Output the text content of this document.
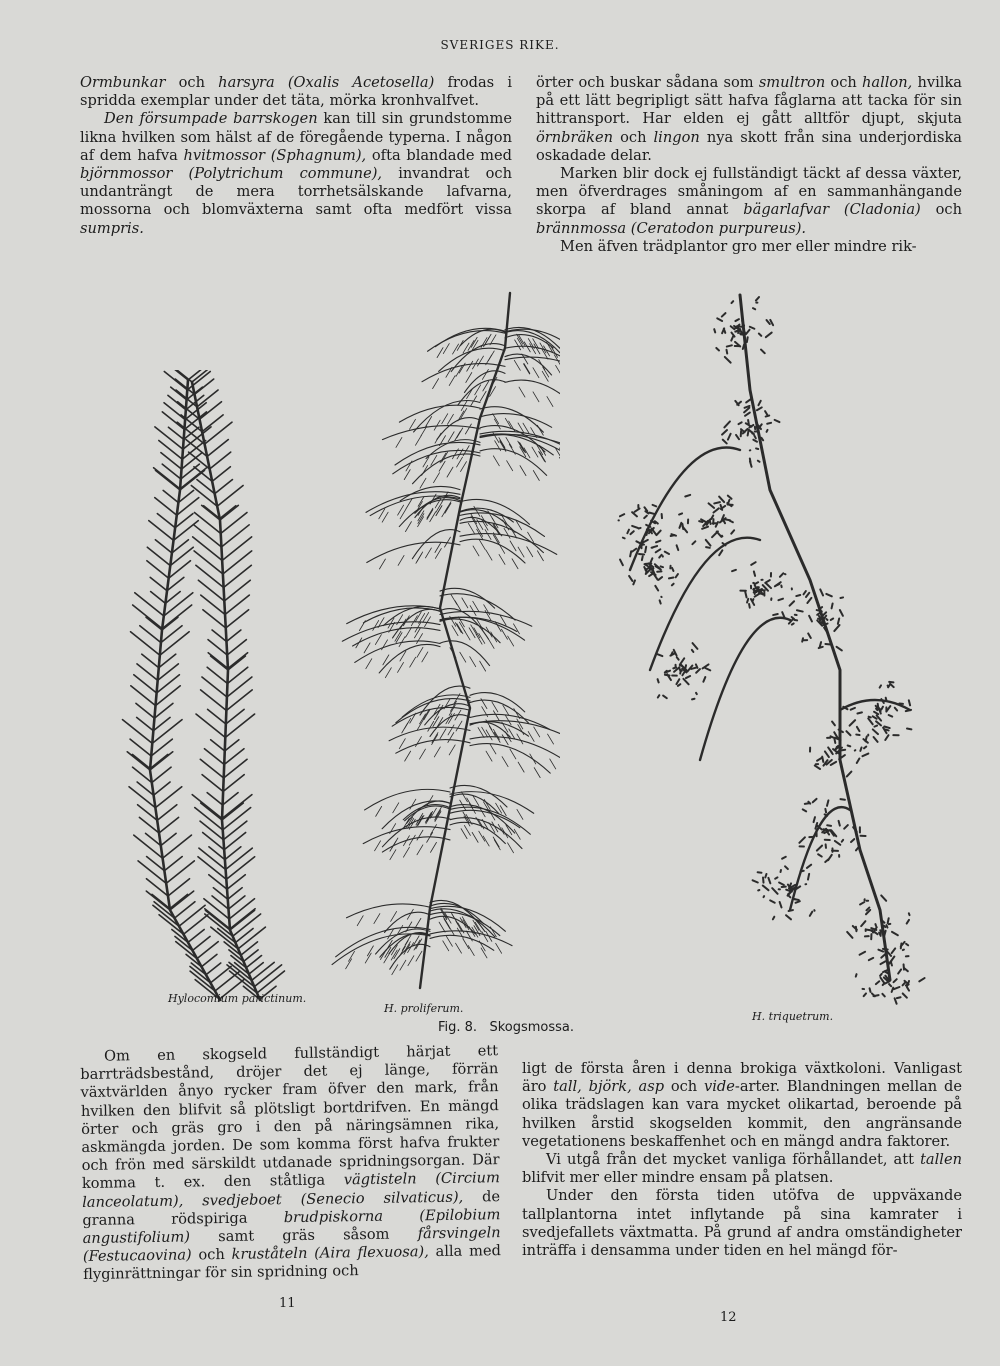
SVERIGES RIKE.

Ormbunkar och harsyra (Oxalis Acetosella) frodas i spridda exemplar under det täta, mörka kronhvalfvet.

Den försumpade barrskogen kan till sin grundstomme likna hvilken som hälst af de föregående typerna. I någon af dem hafva hvitmossor (Sphagnum), ofta blandade med björnmossor (Polytrichum commune), invandrat och undanträngt de mera torrhetsälskande lafvarna, mossorna och blomväxterna samt ofta medfört vissa sumpris.

örter och buskar sådana som smultron och hallon, hvilka på ett lätt begripligt sätt hafva fåglarna att tacka för sin hittransport. Har elden ej gått alltför djupt, skjuta örnbräken och lingon nya skott från sina underjordiska oskadade delar.

Marken blir dock ej fullständigt täckt af dessa växter, men öfverdrages småningom af en sammanhängande skorpa af bland annat bägarlafvar (Cladonia) och brännmossa (Ceratodon purpureus).

Men äfven trädplantor gro mer eller mindre rik-

Hylocomium parictinum.
H. proliferum.
H. triquetrum.
Fig. 8.   Skogsmossa.

Om en skogseld fullständigt härjat ett barrträdsbestånd, dröjer det ej länge, förrän växtvärlden ånyo rycker fram öfver den mark, från hvilken den blifvit så plötsligt bortdrifven. En mängd örter och gräs gro i den på näringsämnen rika, askmängda jorden. De som komma först hafva frukter och frön med särskildt utdanade spridningsorgan. Där komma t. ex. den ståtliga vägtisteln (Circium lanceolatum), svedjeboet (Senecio silvaticus), de granna rödspiriga brudpiskorna (Epilobium angustifolium) samt gräs såsom fårsvingeln (Festucaovina) och kruståteln (Aira flexuosa), alla med flyginrättningar för sin spridning och

ligt de första åren i denna brokiga växtkoloni. Vanligast äro tall, björk, asp och vide-arter. Blandningen mellan de olika trädslagen kan vara mycket olikartad, beroende på hvilken årstid skogselden kommit, den angränsande vegetationens beskaffenhet och en mängd andra faktorer.

Vi utgå från det mycket vanliga förhållandet, att tallen blifvit mer eller mindre ensam på platsen.

Under den första tiden utöfva de uppväxande tallplantorna intet inflytande på sina kamrater i svedjefallets växtmatta. På grund af andra omständigheter inträffa i densamma under tiden en hel mängd för-

11
12
